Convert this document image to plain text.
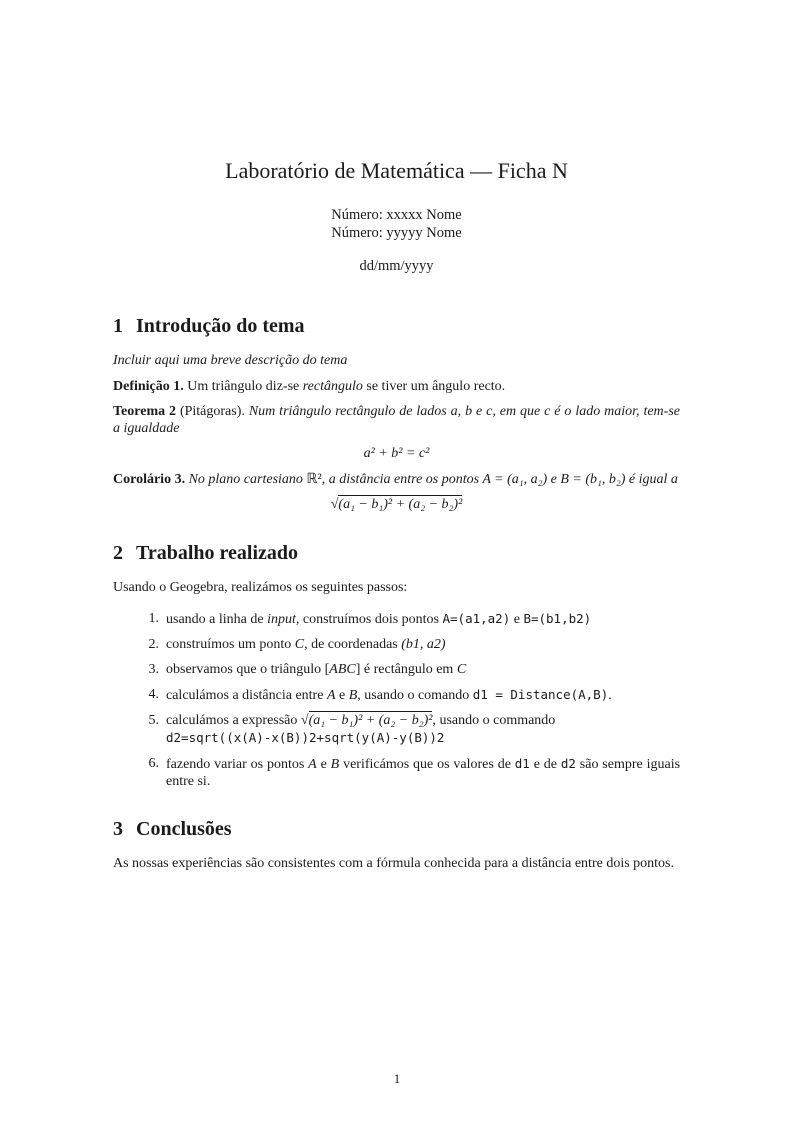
Laboratório de Matemática — Ficha N
Número: xxxxx Nome
Número: yyyyy Nome
dd/mm/yyyy
1 Introdução do tema

Incluir aqui uma breve descrição do tema

Definição 1. Um triângulo diz-se rectângulo se tiver um ângulo recto.

Teorema 2 (Pitágoras). Num triângulo rectângulo de lados a, b e c, em que c é o lado maior, tem-se a igualdade

a² + b² = c²

Corolário 3. No plano cartesiano ℝ², a distância entre os pontos A = (a₁, a₂) e B = (b₁, b₂) é igual a

√(a₁ − b₁)² + (a₂ − b₂)²
2 Trabalho realizado

Usando o Geogebra, realizámos os seguintes passos:

1. usando a linha de input, construímos dois pontos A=(a1,a2) e B=(b1,b2)
2. construímos um ponto C, de coordenadas (b1, a2)
3. observamos que o triângulo [ABC] é rectângulo em C
4. calculámos a distância entre A e B, usando o comando d1 = Distance(A,B).
5. calculámos a expressão √(a₁ − b₁)² + (a₂ − b₂)², usando o commando
d2=sqrt((x(A)-x(B))2+sqrt(y(A)-y(B))2
6. fazendo variar os pontos A e B verificámos que os valores de d1 e de d2 são sempre iguais entre si.
3 Conclusões

As nossas experiências são consistentes com a fórmula conhecida para a distância entre dois pontos.

1
